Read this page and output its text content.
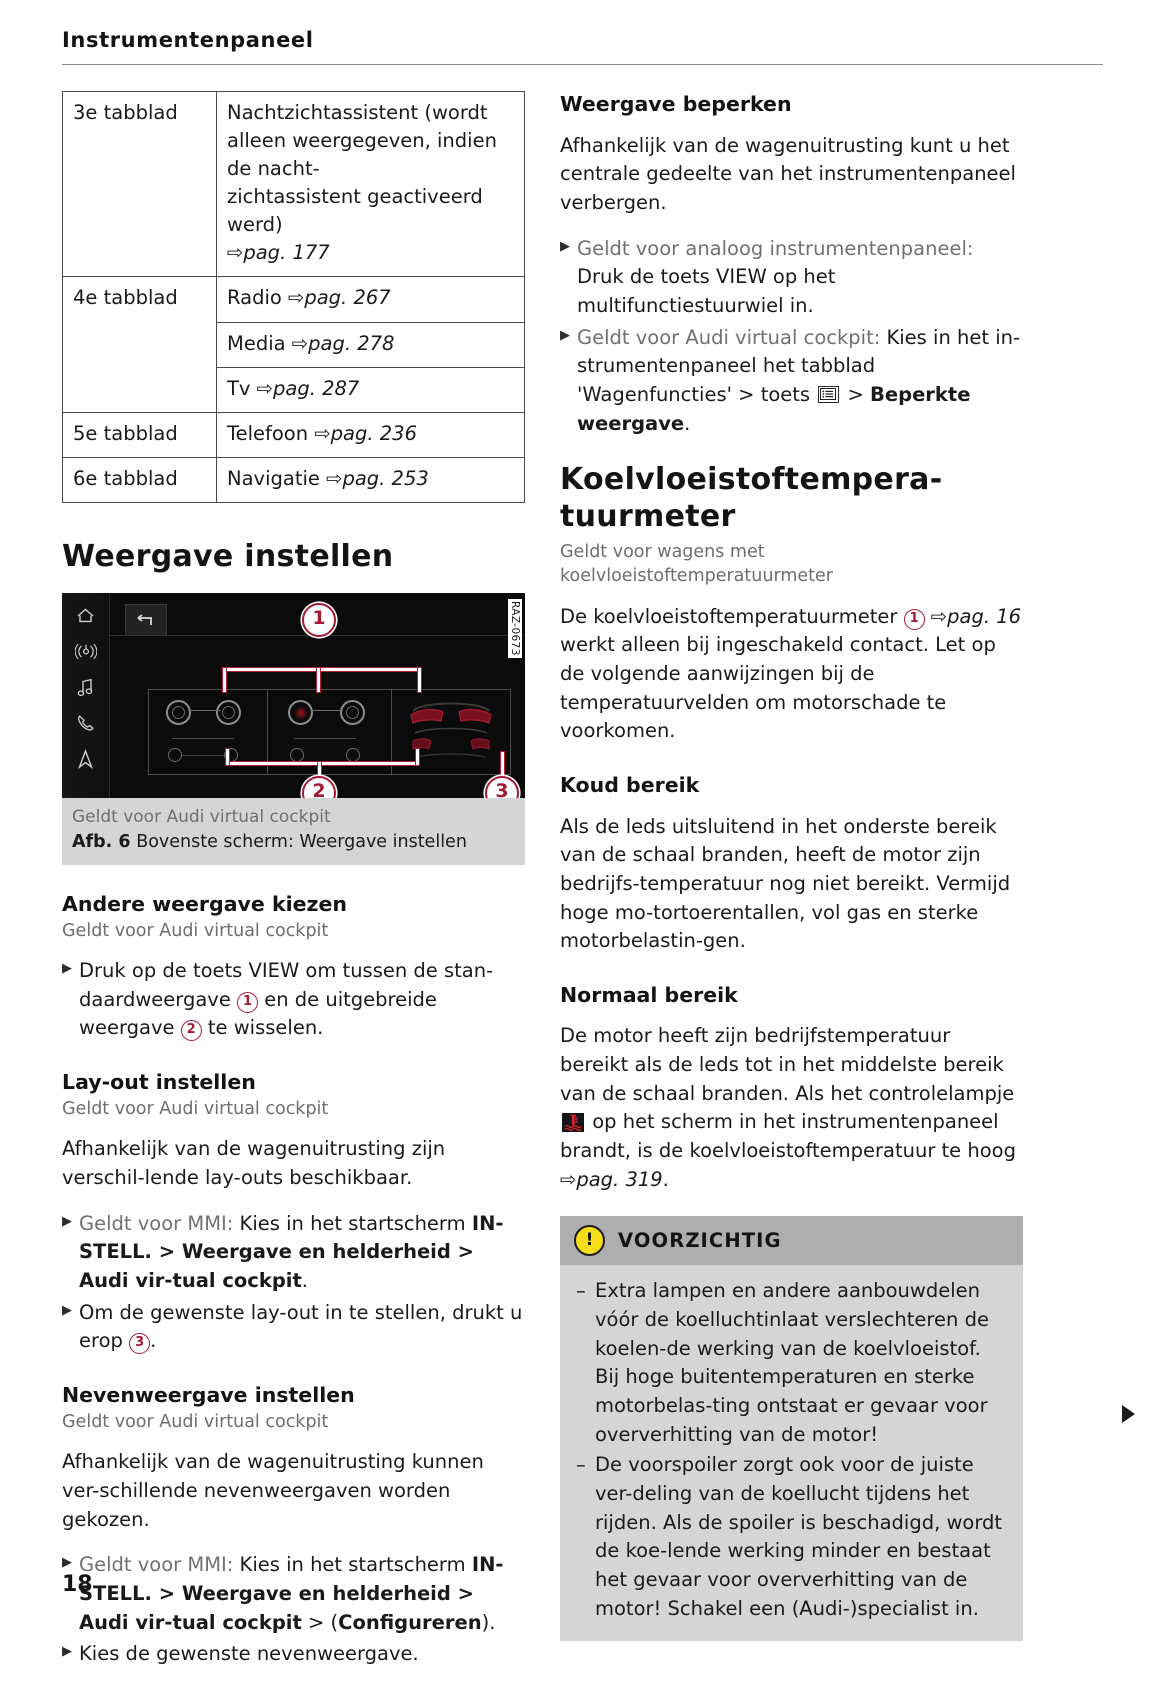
Instrumentenpaneel
3e tabblad	Nachtzichtassistent (wordt alleen weergegeven, indien de nacht-
zichtassistent geactiveerd werd)
⇨pag. 177
4e tabblad	Radio ⇨pag. 267
	Media ⇨pag. 278
	Tv ⇨pag. 287
5e tabblad	Telefoon ⇨pag. 236
6e tabblad	Navigatie ⇨pag. 253
Weergave instellen
1
2	3
RAZ-0673
Geldt voor Audi virtual cockpit
Afb. 6 Bovenste scherm: Weergave instellen
Andere weergave kiezen
Geldt voor Audi virtual cockpit
▶ Druk op de toets VIEW om tussen de stan-daardweergave 1 en de uitgebreide weergave 2 te wisselen.
Lay-out instellen
Geldt voor Audi virtual cockpit

Afhankelijk van de wagenuitrusting zijn verschil-lende lay-outs beschikbaar.

▶ Geldt voor MMI: Kies in het startscherm IN-STELL. > Weergave en helderheid > Audi vir-tual cockpit.
▶ Om de gewenste lay-out in te stellen, drukt u erop 3 .
Nevenweergave instellen
Geldt voor Audi virtual cockpit

Afhankelijk van de wagenuitrusting kunnen ver-schillende nevenweergaven worden gekozen.

▶ Geldt voor MMI: Kies in het startscherm IN-STELL. > Weergave en helderheid > Audi vir-tual cockpit > (Configureren).
▶ Kies de gewenste nevenweergave.
Weergave beperken

Afhankelijk van de wagenuitrusting kunt u het centrale gedeelte van het instrumentenpaneel verbergen.

▶ Geldt voor analoog instrumentenpaneel: Druk de toets VIEW op het multifunctiestuurwiel in.
▶ Geldt voor Audi virtual cockpit: Kies in het in-strumentenpaneel het tabblad 'Wagenfuncties' > toets
> Beperkte weergave.
Koelvloeistoftempera-tuurmeter
Geldt voor wagens met koelvloeistoftemperatuurmeter

De koelvloeistoftemperatuurmeter 1 ⇨pag. 16 werkt alleen bij ingeschakeld contact. Let op de volgende aanwijzingen bij de temperatuurvelden om motorschade te voorkomen.

Koud bereik

Als de leds uitsluitend in het onderste bereik van de schaal branden, heeft de motor zijn bedrijfs-temperatuur nog niet bereikt. Vermijd hoge mo-tortoerentallen, vol gas en sterke motorbelastin-gen.

Normaal bereik

De motor heeft zijn bedrijfstemperatuur bereikt als de leds tot in het middelste bereik van de schaal branden. Als het controlelampje
op het scherm in het instrumentenpaneel brandt, is de koelvloeistoftemperatuur te hoog ⇨pag. 319.

!	VOORZICHTIG
– Extra lampen en andere aanbouwdelen vóór de koelluchtinlaat verslechteren de koelen-de werking van de koelvloeistof. Bij hoge buitentemperaturen en sterke motorbelas-ting ontstaat er gevaar voor oververhitting van de motor!
– De voorspoiler zorgt ook voor de juiste ver-deling van de koellucht tijdens het rijden. Als de spoiler is beschadigd, wordt de koe-lende werking minder en bestaat het gevaar voor oververhitting van de motor! Schakel een (Audi-)specialist in.
18
